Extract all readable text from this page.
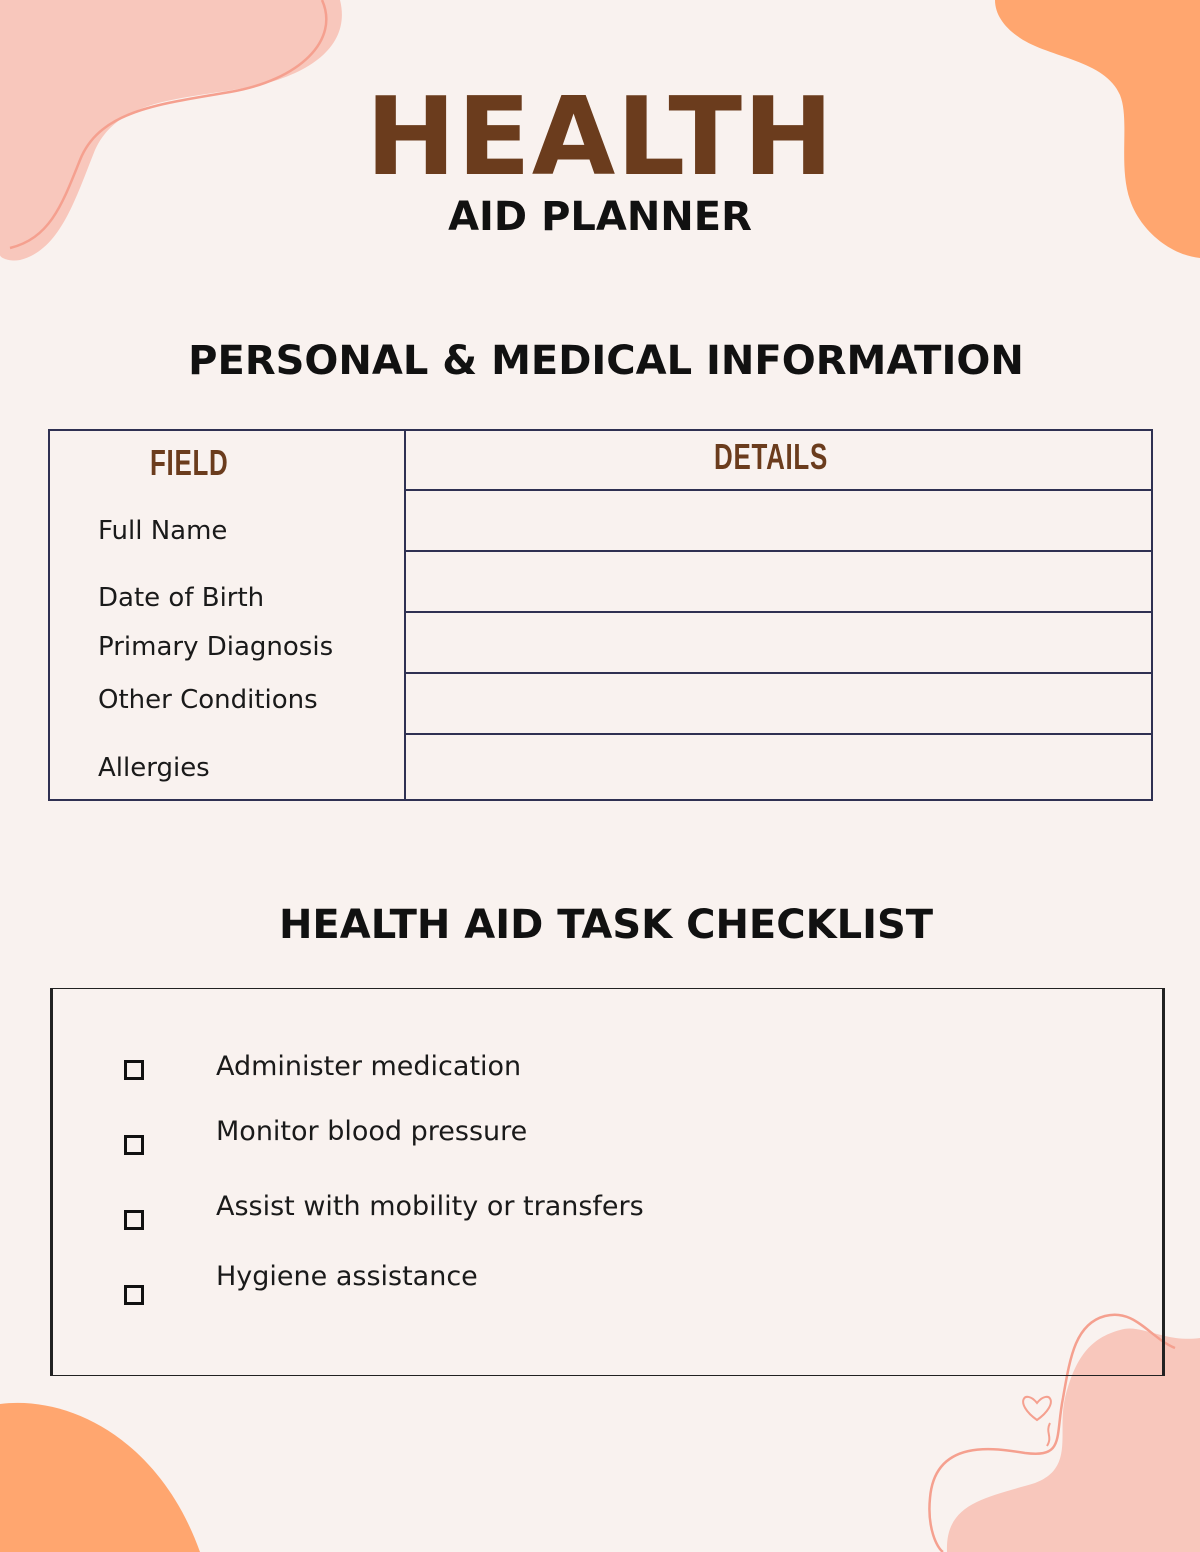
HEALTH
AID PLANNER
PERSONAL & MEDICAL INFORMATION
FIELD	DETAILS
Full Name
Date of Birth
Primary Diagnosis
Other Conditions
Allergies
HEALTH AID TASK CHECKLIST
Administer medication
Monitor blood pressure
Assist with mobility or transfers
Hygiene assistance
